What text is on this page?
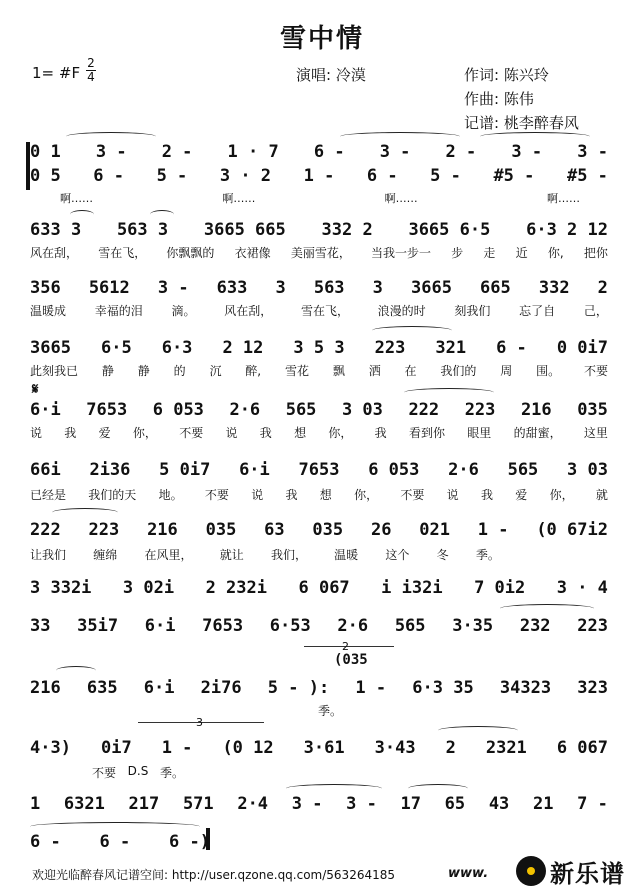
雪中情
1= #F
2
4	演唱: 冷漠	作词: 陈兴玲
作曲: 陈伟
记谱: 桃李醉春风
0 1 3 - 2 - 1 · 7 6 - 3 - 2 - 3 - 3 -
0 5 6 - 5 - 3 · 2 1 - 6 - 5 - #5 - #5 -
啊……	啊……	啊……	啊……
633 3 563 3 3665 665 332 2 3665 6·5 6·3 2 12
风在刮， 雪在飞， 你飘飘的 衣裙像 美丽雪花， 当我一步一 步 走 近 你, 把你
356 5612 3 - 633 3 563 3 3665 665 332 2
温暖成 幸福的泪 滴。 风在刮， 雪在飞， 浪漫的时 刻我们 忘了自 己，
3665 6·5 6·3 2 12 3 5 3 223 321 6 - 0 0i7
此刻我已 静 静 的 沉 醉, 雪花 飘 洒 在 我们的 周 围。 不要
𝄋
6·i 7653 6 053 2·6 565 3 03 222 223 216 035
说 我 爱 你， 不要 说 我 想 你， 我 看到你 眼里 的甜蜜， 这里
66i 2i36 5 0i7 6·i 7653 6 053 2·6 565 3 03
已经是 我们的天 地。 不要 说 我 想 你， 不要 说 我 爱 你， 就
222 223 216 035 63 035 26 021 1 - (0 67i2
让我们 缠绵 在风里， 就让 我们， 温暖 这个 冬 季。
3 332i 3 02i 2 232i 6 067 i i32i 7 0i2 3 · 4
33 35i7 6·i 7653 6·53 2·6 565 3·35 232 223
2
(035
216 635 6·i 2i76 5 - ): 1 - 6·3 35 34323 323
季。
3
4·3) 0i7 1 - (0 12 3·61 3·43 2 2321 6 067
不要 D.S 季。
1 6321 217 571 2·4 3 - 3 - 17 65 43 21 7 -
6 - 6 - 6 -)
欢迎光临醉春风记谱空间: http://user.qzone.qq.com/563264185	www.	新乐谱
